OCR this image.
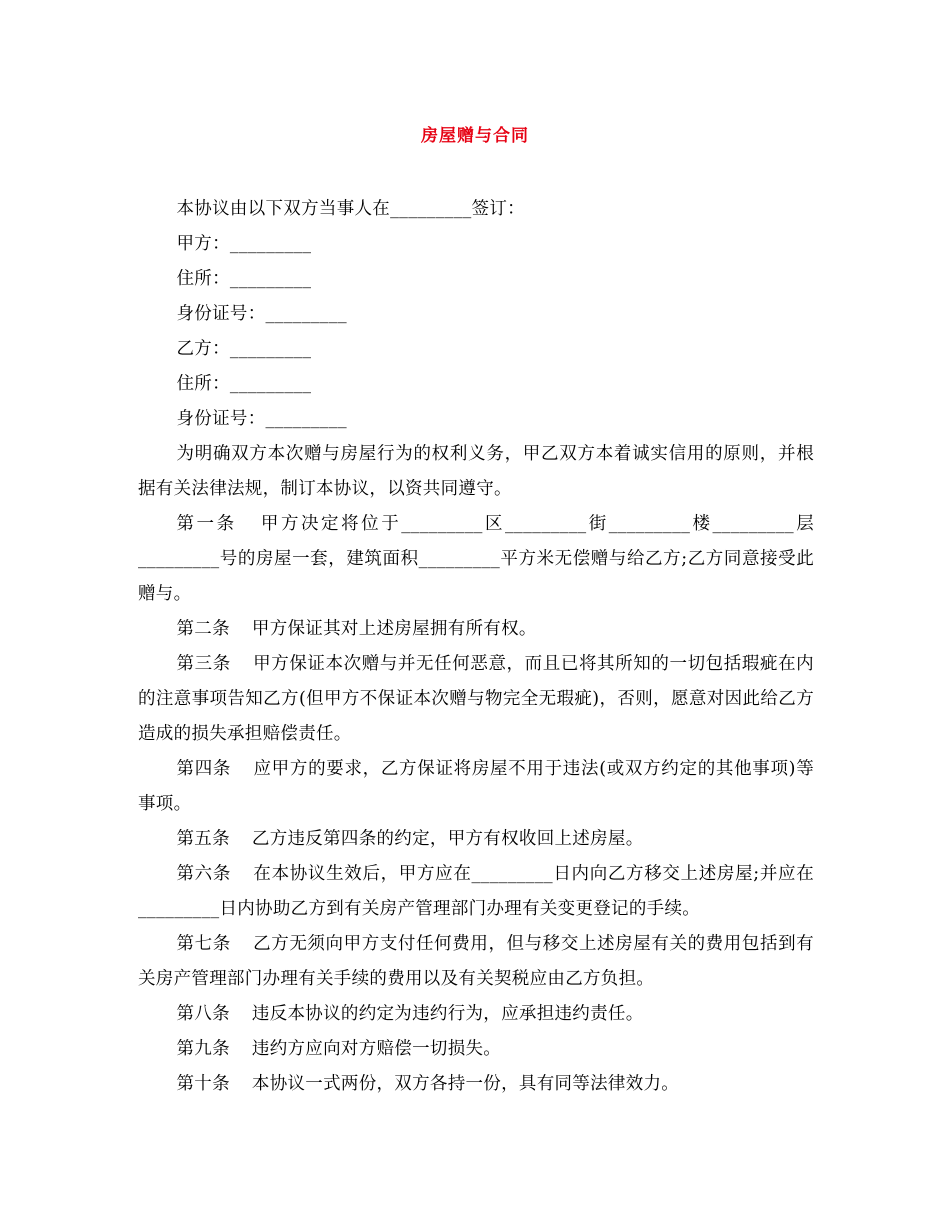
房屋赠与合同

本协议由以下双方当事人在_________签订：

甲方：_________

住所：_________

身份证号：_________

乙方：_________

住所：_________

身份证号：_________

为明确双方本次赠与房屋行为的权利义务，甲乙双方本着诚实信用的原则，并根据有关法律法规，制订本协议，以资共同遵守。

第一条 甲方决定将位于_________区_________街_________楼_________层_________号的房屋一套，建筑面积_________平方米无偿赠与给乙方;乙方同意接受此赠与。

第二条 甲方保证其对上述房屋拥有所有权。

第三条 甲方保证本次赠与并无任何恶意，而且已将其所知的一切包括瑕疵在内的注意事项告知乙方(但甲方不保证本次赠与物完全无瑕疵)，否则，愿意对因此给乙方造成的损失承担赔偿责任。

第四条 应甲方的要求，乙方保证将房屋不用于违法(或双方约定的其他事项)等事项。

第五条 乙方违反第四条的约定，甲方有权收回上述房屋。

第六条 在本协议生效后，甲方应在_________日内向乙方移交上述房屋;并应在_________日内协助乙方到有关房产管理部门办理有关变更登记的手续。

第七条 乙方无须向甲方支付任何费用，但与移交上述房屋有关的费用包括到有关房产管理部门办理有关手续的费用以及有关契税应由乙方负担。

第八条 违反本协议的约定为违约行为，应承担违约责任。

第九条 违约方应向对方赔偿一切损失。

第十条 本协议一式两份，双方各持一份，具有同等法律效力。
